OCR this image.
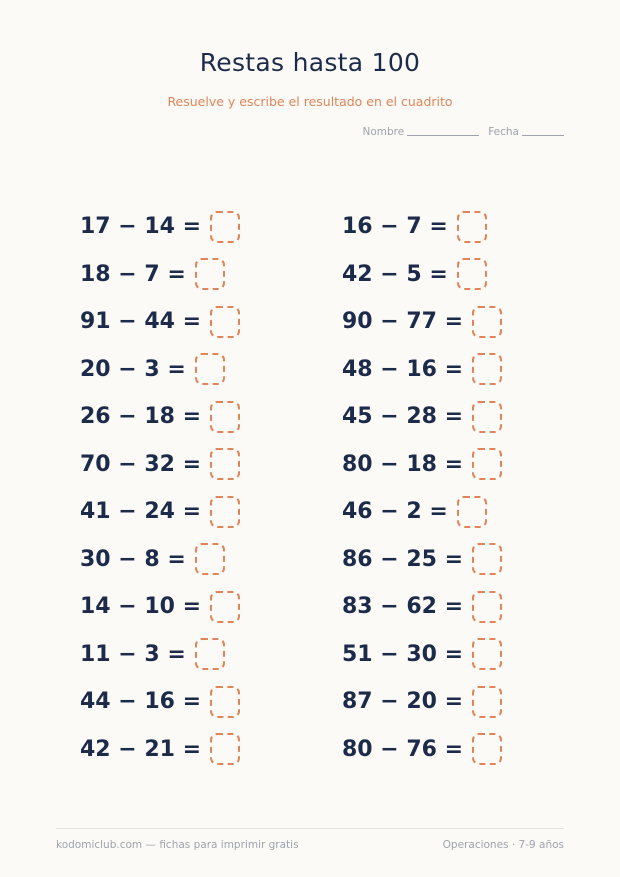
Restas hasta 100
Resuelve y escribe el resultado en el cuadrito
Nombre	Fecha
17 − 14 =	16 − 7 =
18 − 7 =	42 − 5 =
91 − 44 =	90 − 77 =
20 − 3 =	48 − 16 =
26 − 18 =	45 − 28 =
70 − 32 =	80 − 18 =
41 − 24 =	46 − 2 =
30 − 8 =	86 − 25 =
14 − 10 =	83 − 62 =
11 − 3 =	51 − 30 =
44 − 16 =	87 − 20 =
42 − 21 =	80 − 76 =
kodomiclub.com — fichas para imprimir gratis	Operaciones · 7-9 años
